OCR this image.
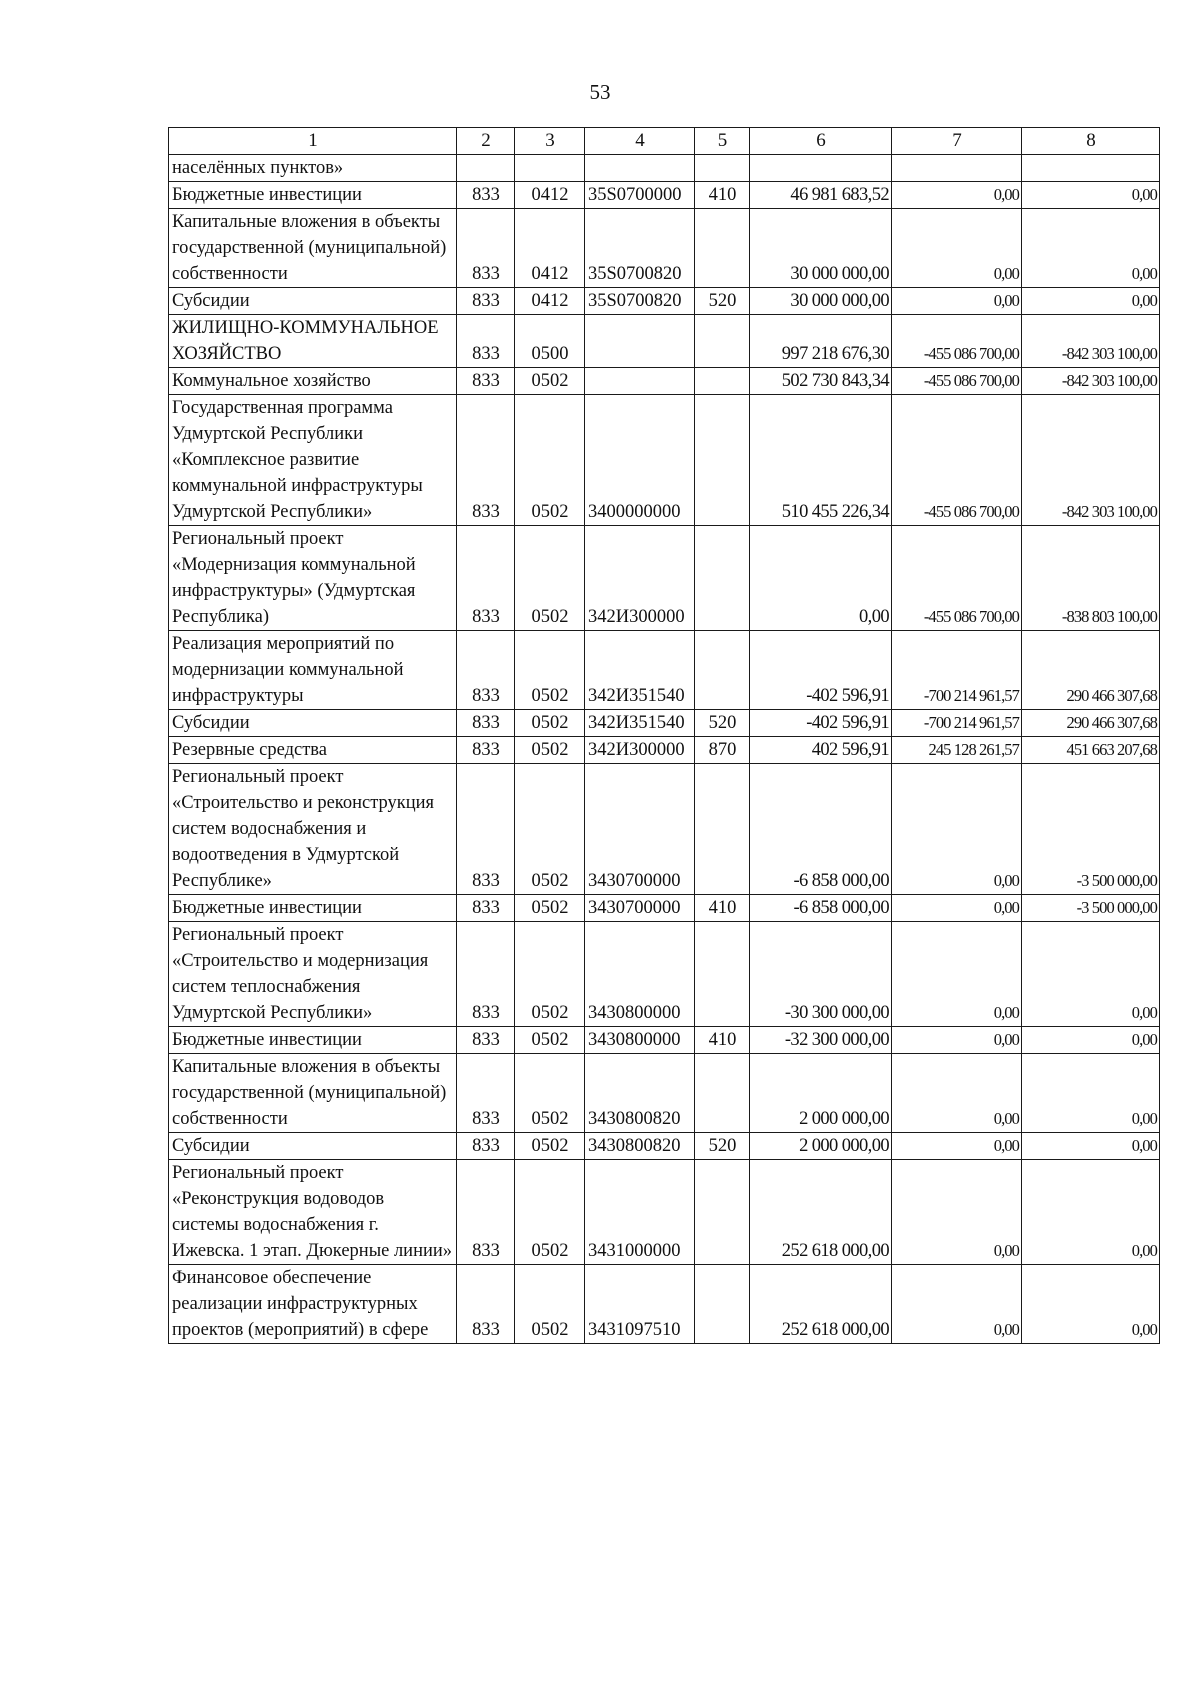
53
1	2	3	4	5	6	7	8
населённых пунктов»							
Бюджетные инвестиции	833	0412	35S0700000	410	46 981 683,52	0,00	0,00
Капитальные вложения в объекты государственной (муниципальной) собственности	833	0412	35S0700820		30 000 000,00	0,00	0,00
Субсидии	833	0412	35S0700820	520	30 000 000,00	0,00	0,00
ЖИЛИЩНО-КОММУНАЛЬНОЕ ХОЗЯЙСТВО	833	0500			997 218 676,30	-455 086 700,00	-842 303 100,00
Коммунальное хозяйство	833	0502			502 730 843,34	-455 086 700,00	-842 303 100,00
Государственная программа Удмуртской Республики «Комплексное развитие коммунальной инфраструктуры Удмуртской Республики»	833	0502	3400000000		510 455 226,34	-455 086 700,00	-842 303 100,00
Региональный проект «Модернизация коммунальной инфраструктуры» (Удмуртская Республика)	833	0502	342И300000		0,00	-455 086 700,00	-838 803 100,00
Реализация мероприятий по модернизации коммунальной инфраструктуры	833	0502	342И351540		-402 596,91	-700 214 961,57	290 466 307,68
Субсидии	833	0502	342И351540	520	-402 596,91	-700 214 961,57	290 466 307,68
Резервные средства	833	0502	342И300000	870	402 596,91	245 128 261,57	451 663 207,68
Региональный проект «Строительство и реконструкция систем водоснабжения и водоотведения в Удмуртской Республике»	833	0502	3430700000		-6 858 000,00	0,00	-3 500 000,00
Бюджетные инвестиции	833	0502	3430700000	410	-6 858 000,00	0,00	-3 500 000,00
Региональный проект «Строительство и модернизация систем теплоснабжения Удмуртской Республики»	833	0502	3430800000		-30 300 000,00	0,00	0,00
Бюджетные инвестиции	833	0502	3430800000	410	-32 300 000,00	0,00	0,00
Капитальные вложения в объекты государственной (муниципальной) собственности	833	0502	3430800820		2 000 000,00	0,00	0,00
Субсидии	833	0502	3430800820	520	2 000 000,00	0,00	0,00
Региональный проект «Реконструкция водоводов системы водоснабжения г. Ижевска. 1 этап. Дюкерные линии»	833	0502	3431000000		252 618 000,00	0,00	0,00
Финансовое обеспечение реализации инфраструктурных проектов (мероприятий) в сфере	833	0502	3431097510		252 618 000,00	0,00	0,00
